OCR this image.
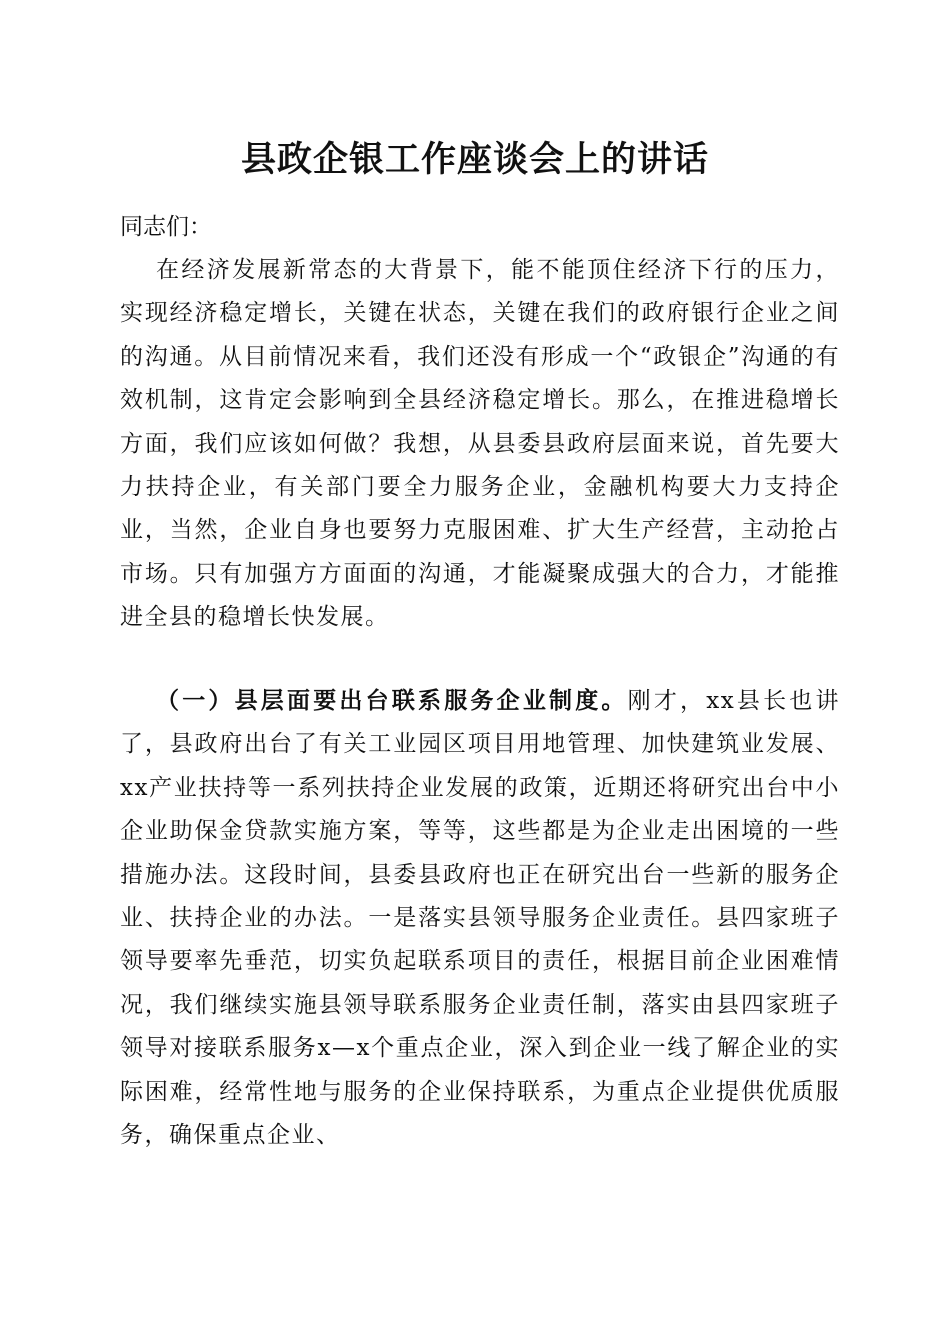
县政企银工作座谈会上的讲话

同志们：

在经济发展新常态的大背景下，能不能顶住经济下行的压力，实现经济稳定增长，关键在状态，关键在我们的政府银行企业之间的沟通。从目前情况来看，我们还没有形成一个“政银企”沟通的有效机制，这肯定会影响到全县经济稳定增长。那么，在推进稳增长方面，我们应该如何做？我想，从县委县政府层面来说，首先要大力扶持企业，有关部门要全力服务企业，金融机构要大力支持企业，当然，企业自身也要努力克服困难、扩大生产经营，主动抢占市场。只有加强方方面面的沟通，才能凝聚成强大的合力，才能推进全县的稳增长快发展。

（一）县层面要出台联系服务企业制度。刚才，xx县长也讲了，县政府出台了有关工业园区项目用地管理、加快建筑业发展、xx产业扶持等一系列扶持企业发展的政策，近期还将研究出台中小企业助保金贷款实施方案，等等，这些都是为企业走出困境的一些措施办法。这段时间，县委县政府也正在研究出台一些新的服务企业、扶持企业的办法。一是落实县领导服务企业责任。县四家班子领导要率先垂范，切实负起联系项目的责任，根据目前企业困难情况，我们继续实施县领导联系服务企业责任制，落实由县四家班子领导对接联系服务x—x个重点企业，深入到企业一线了解企业的实际困难，经常性地与服务的企业保持联系，为重点企业提供优质服务，确保重点企业、
